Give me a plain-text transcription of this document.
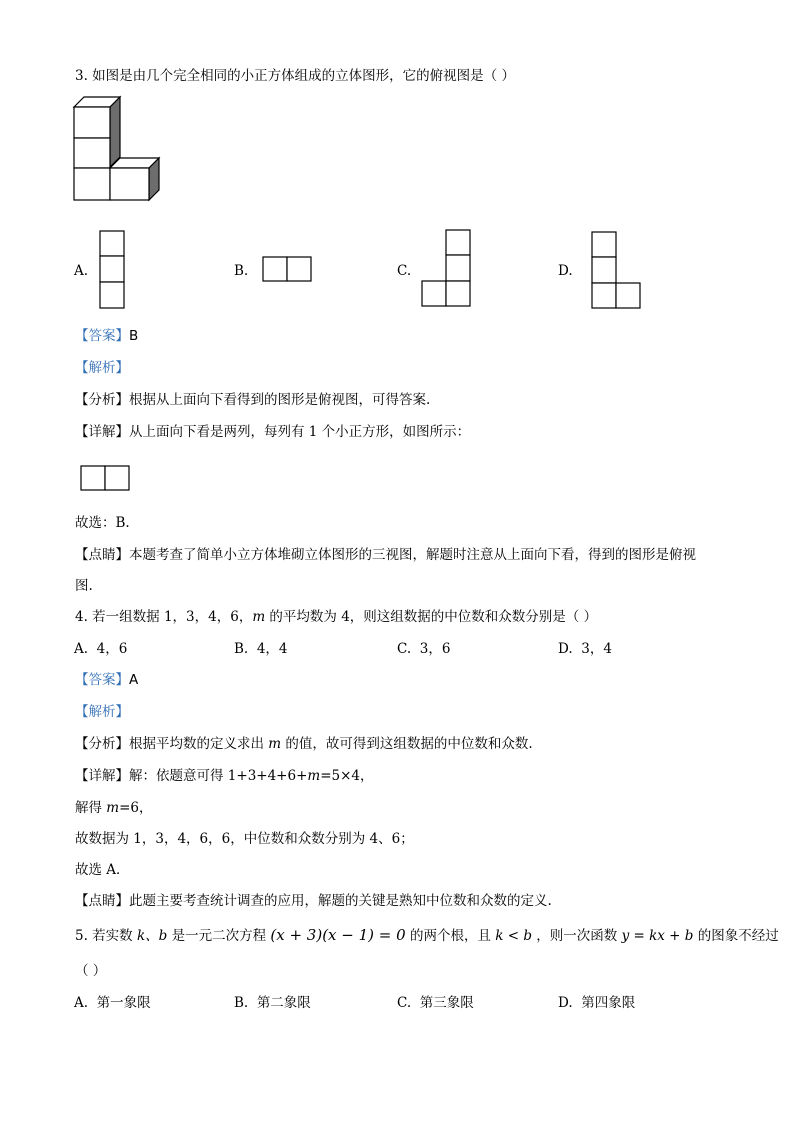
3. 如图是由几个完全相同的小正方体组成的立体图形，它的俯视图是（ ）
A.	B.	C.	D.
【答案】B
【解析】
【分析】根据从上面向下看得到的图形是俯视图，可得答案.
【详解】从上面向下看是两列，每列有 1 个小正方形，如图所示：
故选：B.
【点睛】本题考查了简单小立方体堆砌立体图形的三视图，解题时注意从上面向下看，得到的图形是俯视
图.
4. 若一组数据 1，3，4，6，m 的平均数为 4，则这组数据的中位数和众数分别是（ ）
A. 4，6	B. 4，4	C. 3，6	D. 3，4
【答案】A
【解析】
【分析】根据平均数的定义求出 m 的值，故可得到这组数据的中位数和众数.
【详解】解：依题意可得 1+3+4+6+m=5×4，
解得 m=6，
故数据为 1，3，4，6，6，中位数和众数分别为 4、6；
故选 A．
【点睛】此题主要考查统计调查的应用，解题的关键是熟知中位数和众数的定义.
5. 若实数 k、b 是一元二次方程 (x + 3)(x − 1) = 0 的两个根，且 k < b ，则一次函数 y = kx + b 的图象不经过
（ ）
A. 第一象限	B. 第二象限	C. 第三象限	D. 第四象限
